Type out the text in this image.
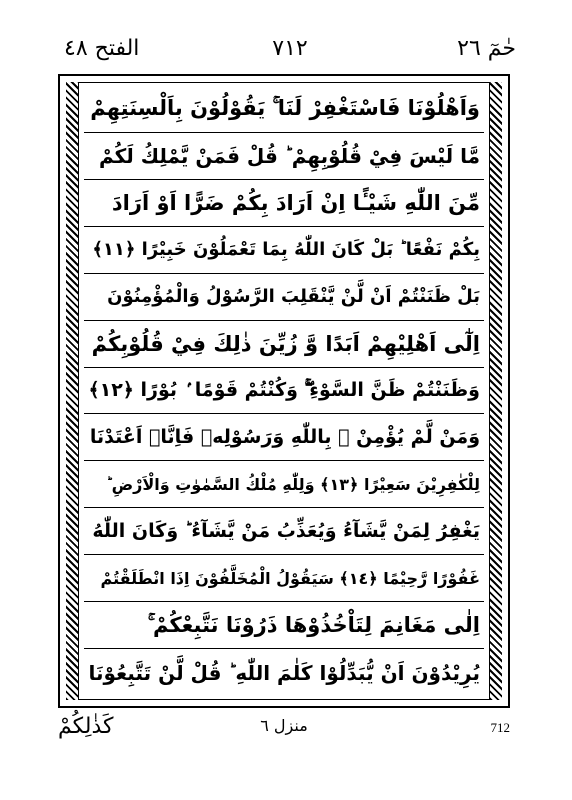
الفتح ٤٨	٧١٢	حٰمٓ ٢٦
وَاَهْلُوْنَا فَاسْتَغْفِرْ لَنَا ۚ يَقُوْلُوْنَ بِاَلْسِنَتِهِمْ
مَّا لَيْسَ فِيْ قُلُوْبِهِمْ ؕ قُلْ فَمَنْ يَّمْلِكُ لَكُمْ
مِّنَ اللّٰهِ شَيْـًٔا اِنْ اَرَادَ بِكُمْ ضَرًّا اَوْ اَرَادَ
بِكُمْ نَفْعًا ؕ بَلْ كَانَ اللّٰهُ بِمَا تَعْمَلُوْنَ خَبِيْرًا ﴿١١﴾
بَلْ ظَنَنْتُمْ اَنْ لَّنْ يَّنْقَلِبَ الرَّسُوْلُ وَالْمُؤْمِنُوْنَ
اِلٰٓى اَهْلِيْهِمْ اَبَدًا وَّ زُيِّنَ ذٰلِكَ فِيْ قُلُوْبِكُمْ
وَظَنَنْتُمْ ظَنَّ السَّوْءِ ۖۚ وَكُنْتُمْ قَوْمًا ۢ بُوْرًا ﴿١٢﴾
وَمَنْ لَّمْ يُؤْمِنْ ۢ بِاللّٰهِ وَرَسُوْلِهٖ فَاِنَّاۤ اَعْتَدْنَا
لِلْكٰفِرِيْنَ سَعِيْرًا ﴿١٣﴾ وَلِلّٰهِ مُلْكُ السَّمٰوٰتِ وَالْاَرْضِ ؕ
يَغْفِرُ لِمَنْ يَّشَآءُ وَيُعَذِّبُ مَنْ يَّشَآءُ ؕ وَكَانَ اللّٰهُ
غَفُوْرًا رَّحِيْمًا ﴿١٤﴾ سَيَقُوْلُ الْمُخَلَّفُوْنَ اِذَا انْطَلَقْتُمْ
اِلٰى مَغَانِمَ لِتَاْخُذُوْهَا ذَرُوْنَا نَتَّبِعْكُمْ ۚ
يُرِيْدُوْنَ اَنْ يُّبَدِّلُوْا كَلٰمَ اللّٰهِ ؕ قُلْ لَّنْ تَتَّبِعُوْنَا
كَذٰلِكُمْ	منزل ٦	712
